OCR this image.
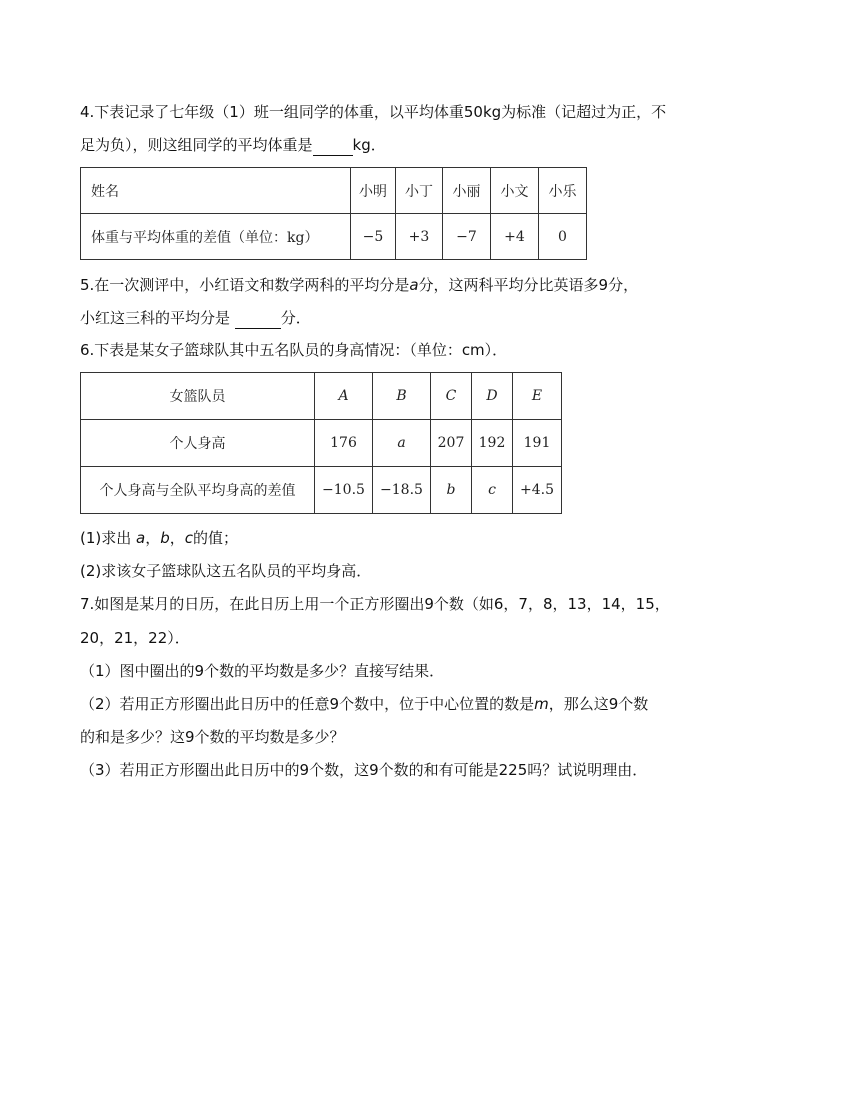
4.下表记录了七年级（1）班一组同学的体重，以平均体重50kg为标准（记超过为正，不
足为负），则这组同学的平均体重是	kg．
姓名	小明	小丁	小丽	小文	小乐
体重与平均体重的差值（单位：kg）	−5	+3	−7	+4	0
5.在一次测评中，小红语文和数学两科的平均分是a分，这两科平均分比英语多9分，
小红这三科的平均分是	分．
6.下表是某女子篮球队其中五名队员的身高情况：（单位：cm）．
女篮队员	A	B	C	D	E
个人身高	176	a	207	192	191
个人身高与全队平均身高的差值	−10.5	−18.5	b	c	+4.5
(1)求出 a，b，c的值；
(2)求该女子篮球队这五名队员的平均身高．
7.如图是某月的日历，在此日历上用一个正方形圈出9个数（如6，7，8，13，14，15，
20，21，22）．
（1）图中圈出的9个数的平均数是多少？直接写结果．
（2）若用正方形圈出此日历中的任意9个数中，位于中心位置的数是m，那么这9个数
的和是多少？这9个数的平均数是多少？
（3）若用正方形圈出此日历中的9个数，这9个数的和有可能是225吗？试说明理由．
